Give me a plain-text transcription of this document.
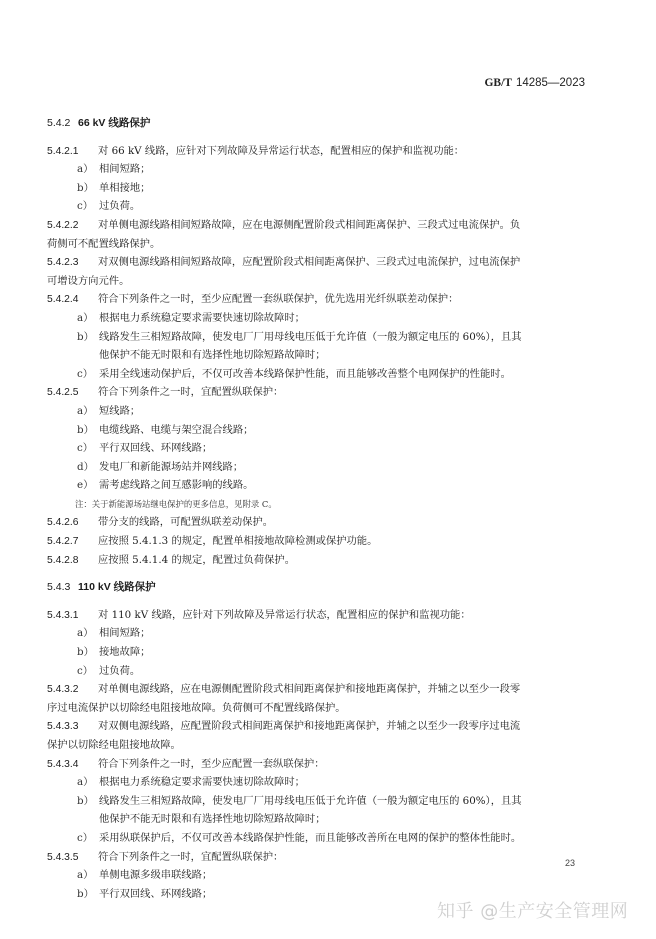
GB/T 14285—2023
5.4.2 66 kV 线路保护
5.4.2.1 对 66 kV 线路，应针对下列故障及异常运行状态，配置相应的保护和监视功能：
a） 相间短路；
b） 单相接地；
c） 过负荷。
5.4.2.2 对单侧电源线路相间短路故障，应在电源侧配置阶段式相间距离保护、三段式过电流保护。负
荷侧可不配置线路保护。
5.4.2.3 对双侧电源线路相间短路故障，应配置阶段式相间距离保护、三段式过电流保护，过电流保护
可增设方向元件。
5.4.2.4 符合下列条件之一时，至少应配置一套纵联保护，优先选用光纤纵联差动保护：
a） 根据电力系统稳定要求需要快速切除故障时；
b） 线路发生三相短路故障，使发电厂厂用母线电压低于允许值（一般为额定电压的 60%），且其
他保护不能无时限和有选择性地切除短路故障时；
c） 采用全线速动保护后，不仅可改善本线路保护性能，而且能够改善整个电网保护的性能时。
5.4.2.5 符合下列条件之一时，宜配置纵联保护：
a） 短线路；
b） 电缆线路、电缆与架空混合线路；
c） 平行双回线、环网线路；
d） 发电厂和新能源场站并网线路；
e） 需考虑线路之间互感影响的线路。
注：关于新能源场站继电保护的更多信息，见附录 C。
5.4.2.6 带分支的线路，可配置纵联差动保护。
5.4.2.7 应按照 5.4.1.3 的规定，配置单相接地故障检测或保护功能。
5.4.2.8 应按照 5.4.1.4 的规定，配置过负荷保护。
5.4.3 110 kV 线路保护
5.4.3.1 对 110 kV 线路，应针对下列故障及异常运行状态，配置相应的保护和监视功能：
a） 相间短路；
b） 接地故障；
c） 过负荷。
5.4.3.2 对单侧电源线路，应在电源侧配置阶段式相间距离保护和接地距离保护，并辅之以至少一段零
序过电流保护以切除经电阻接地故障。负荷侧可不配置线路保护。
5.4.3.3 对双侧电源线路，应配置阶段式相间距离保护和接地距离保护，并辅之以至少一段零序过电流
保护以切除经电阻接地故障。
5.4.3.4 符合下列条件之一时，至少应配置一套纵联保护：
a） 根据电力系统稳定要求需要快速切除故障时；
b） 线路发生三相短路故障，使发电厂厂用母线电压低于允许值（一般为额定电压的 60%），且其
他保护不能无时限和有选择性地切除短路故障时；
c） 采用纵联保护后，不仅可改善本线路保护性能，而且能够改善所在电网的保护的整体性能时。
5.4.3.5 符合下列条件之一时，宜配置纵联保护：
a） 单侧电源多级串联线路；
b） 平行双回线、环网线路；
23
知乎 @生产安全管理网
